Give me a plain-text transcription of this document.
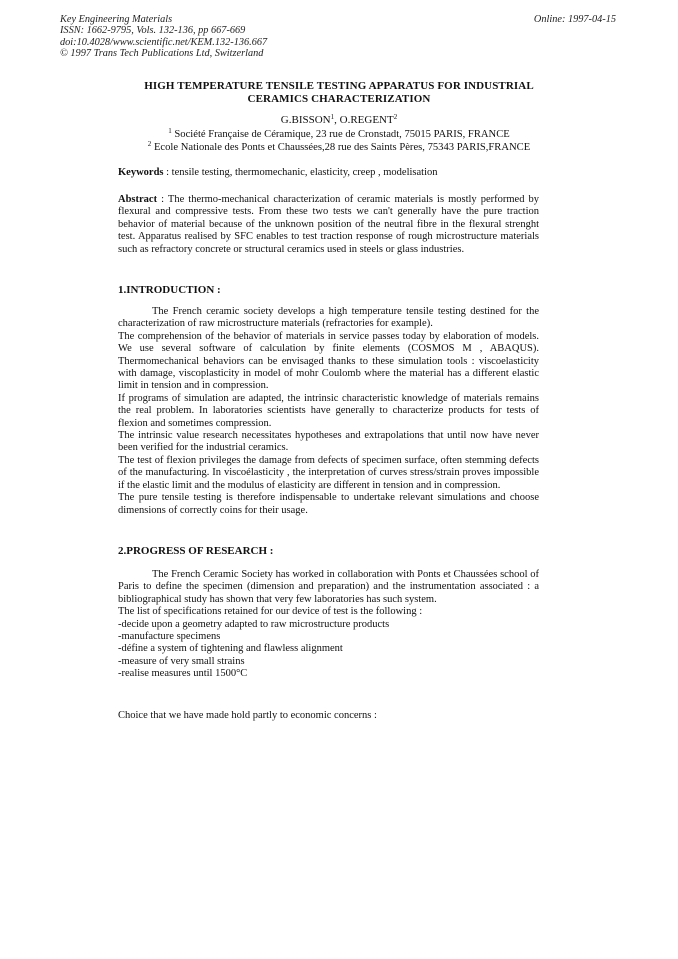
Key Engineering Materials
ISSN: 1662-9795, Vols. 132-136, pp 667-669
doi:10.4028/www.scientific.net/KEM.132-136.667
© 1997 Trans Tech Publications Ltd, Switzerland
Online: 1997-04-15
HIGH TEMPERATURE TENSILE TESTING APPARATUS FOR INDUSTRIAL
CERAMICS CHARACTERIZATION
G.BISSON$^1$, O.REGENT$^2$
$^1$ Société Française de Céramique, 23 rue de Cronstadt, 75015 PARIS, FRANCE
$^2$ Ecole Nationale des Ponts et Chaussées,28 rue des Saints Pères, 75343 PARIS,FRANCE

Keywords : tensile testing, thermomechanic, elasticity, creep , modelisation

Abstract : The thermo-mechanical characterization of ceramic materials is mostly performed by flexural and compressive tests. From these two tests we can't generally have the pure traction behavior of material because of the unknown position of the neutral fibre in the flexural strenght test. Apparatus realised by SFC enables to test traction response of rough microstructure materials such as refractory concrete or structural ceramics used in steels or glass industries.

1.INTRODUCTION :

The French ceramic society develops a high temperature tensile testing destined for the characterization of raw microstructure materials (refractories for example).

The comprehension of the behavior of materials in service passes today by elaboration of models. We use several software of calculation by finite elements (COSMOS M , ABAQUS). Thermomechanical behaviors can be envisaged thanks to these simulation tools : viscoelasticity with damage, viscoplasticity in model of mohr Coulomb where the material has a different elastic limit in tension and in compression.

If programs of simulation are adapted, the intrinsic characteristic knowledge of materials remains the real problem. In laboratories scientists have generally to characterize products for tests of flexion and sometimes compression.

The intrinsic value research necessitates hypotheses and extrapolations that until now have never been verified for the industrial ceramics.

The test of flexion privileges the damage from defects of specimen surface, often stemming defects of the manufacturing. In viscoélasticity , the interpretation of curves stress/strain proves impossible if the elastic limit and the modulus of elasticity are different in tension and in compression.

The pure tensile testing is therefore indispensable to undertake relevant simulations and choose dimensions of correctly coins for their usage.

2.PROGRESS OF RESEARCH :

The French Ceramic Society has worked in collaboration with Ponts et Chaussées school of Paris to define the specimen (dimension and preparation) and the instrumentation associated : a bibliographical study has shown that very few laboratories has such system.

The list of specifications retained for our device of test is the following :

-decide upon a geometry adapted to raw microstructure products

-manufacture specimens

-défine a system of tightening and flawless alignment

-measure of very small strains

-realise measures until 1500°C

Choice that we have made hold partly to economic concerns :
